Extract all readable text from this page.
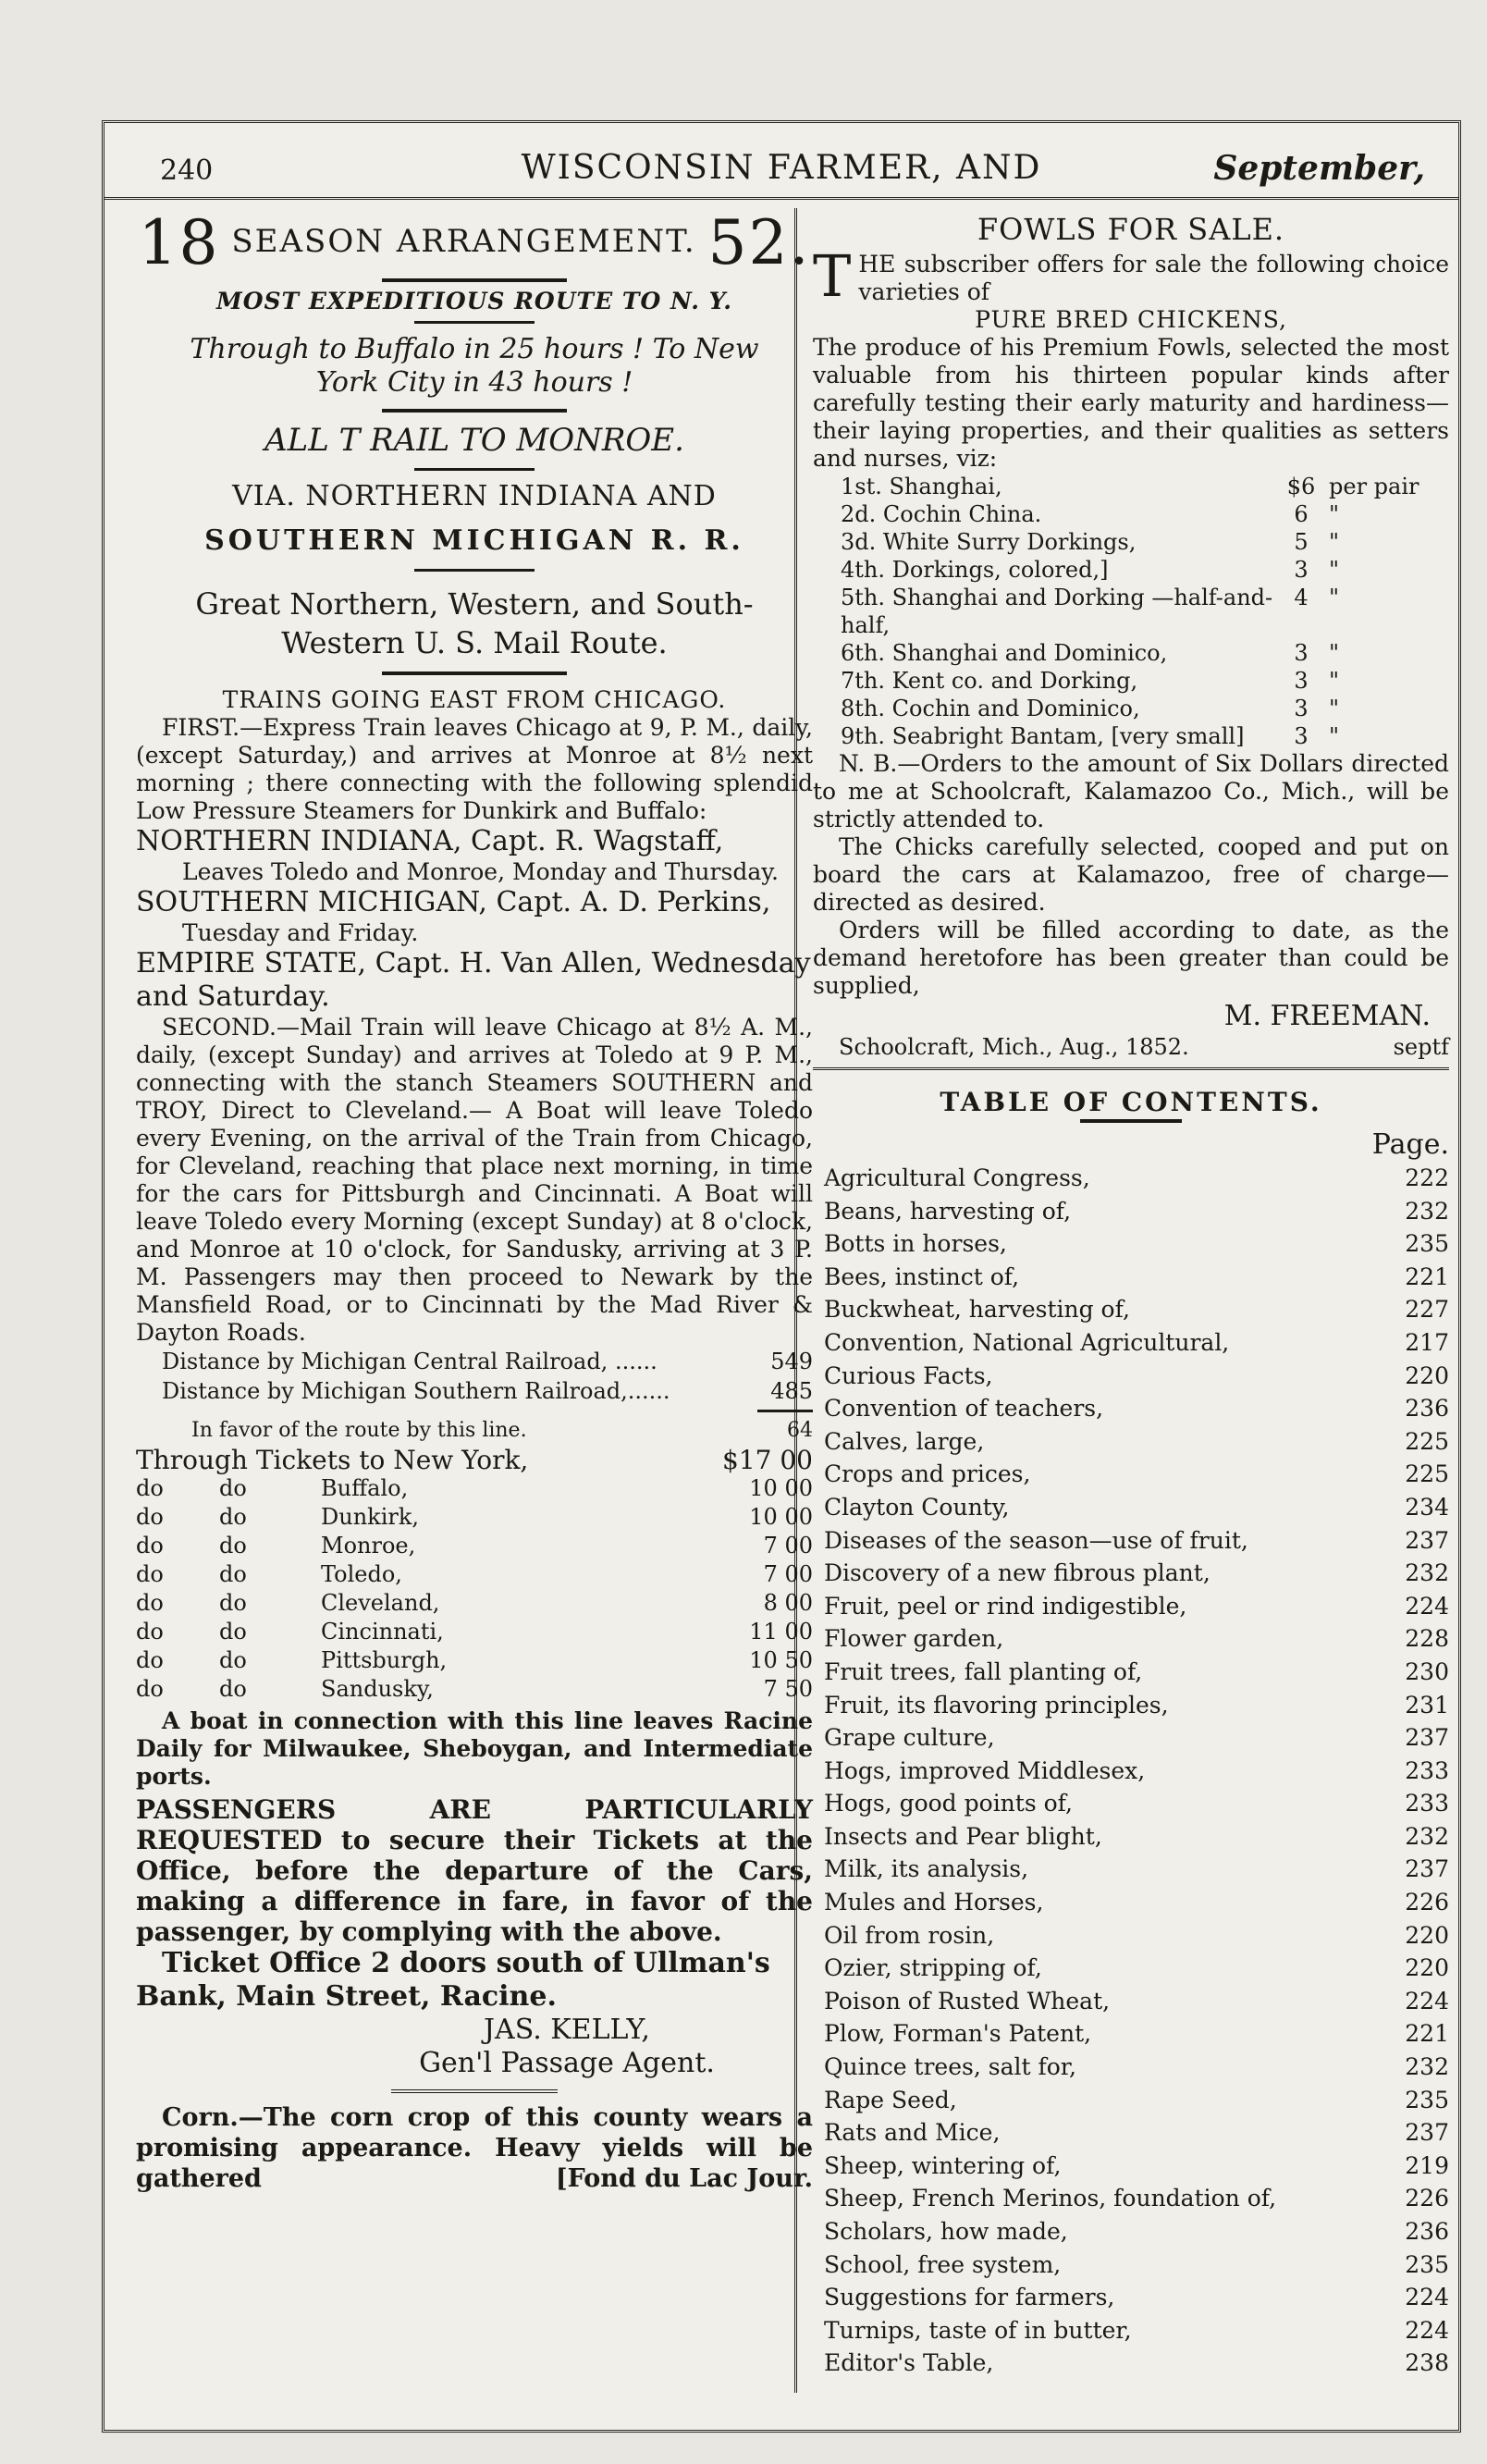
240	WISCONSIN FARMER, AND	September,
18 SEASON ARRANGEMENT. 52.

MOST EXPEDITIOUS ROUTE TO N. Y.

Through to Buffalo in 25 hours ! To New York City in 43 hours !

ALL T RAIL TO MONROE.

VIA. NORTHERN INDIANA AND

SOUTHERN MICHIGAN R. R.

Great Northern, Western, and South-Western U. S. Mail Route.

TRAINS GOING EAST FROM CHICAGO.

FIRST.—Express Train leaves Chicago at 9, P. M., daily, (except Saturday,) and arrives at Monroe at 8½ next morning ; there connecting with the following splendid Low Pressure Steamers for Dunkirk and Buffalo:

NORTHERN INDIANA, Capt. R. Wagstaff,

Leaves Toledo and Monroe, Monday and Thursday.

SOUTHERN MICHIGAN, Capt. A. D. Perkins,

Tuesday and Friday.

EMPIRE STATE, Capt. H. Van Allen, Wednesday and Saturday.

SECOND.—Mail Train will leave Chicago at 8½ A. M., daily, (except Sunday) and arrives at Toledo at 9 P. M., connecting with the stanch Steamers SOUTHERN and TROY, Direct to Cleveland.— A Boat will leave Toledo every Evening, on the arrival of the Train from Chicago, for Cleveland, reaching that place next morning, in time for the cars for Pittsburgh and Cincinnati. A Boat will leave Toledo every Morning (except Sunday) at 8 o'clock, and Monroe at 10 o'clock, for Sandusky, arriving at 3 P. M. Passengers may then proceed to Newark by the Mansfield Road, or to Cincinnati by the Mad River & Dayton Roads.

Distance by Michigan Central Railroad, ......	549
Distance by Michigan Southern Railroad,......	485
In favor of the route by this line.	64
Through Tickets to New York,	$17 00
do	do	Buffalo,	10 00
do	do	Dunkirk,	10 00
do	do	Monroe,	7 00
do	do	Toledo,	7 00
do	do	Cleveland,	8 00
do	do	Cincinnati,	11 00
do	do	Pittsburgh,	10 50
do	do	Sandusky,	7 50

A boat in connection with this line leaves Racine Daily for Milwaukee, Sheboygan, and Intermediate ports.

PASSENGERS ARE PARTICULARLY REQUESTED to secure their Tickets at the Office, before the departure of the Cars, making a difference in fare, in favor of the passenger, by complying with the above.

Ticket Office 2 doors south of Ullman's Bank, Main Street, Racine.

JAS. KELLY,

Gen'l Passage Agent.

Corn.—The corn crop of this county wears a promising appearance. Heavy yields will be gathered	[Fond du Lac Jour.

FOWLS FOR SALE.

THE subscriber offers for sale the following choice varieties of

PURE BRED CHICKENS,

The produce of his Premium Fowls, selected the most valuable from his thirteen popular kinds after carefully testing their early maturity and hardiness—their laying properties, and their qualities as setters and nurses, viz:

1st. Shanghai,	$6 per pair
2d. Cochin China.	6 "
3d. White Surry Dorkings,	5 "
4th. Dorkings, colored,]	3 "
5th. Shanghai and Dorking —half-and-half,
4 "
6th. Shanghai and Dominico,	3 "
7th. Kent co. and Dorking,	3 "
8th. Cochin and Dominico,	3 "
9th. Seabright Bantam, [very small]	3 "

N. B.—Orders to the amount of Six Dollars directed to me at Schoolcraft, Kalamazoo Co., Mich., will be strictly attended to.

The Chicks carefully selected, cooped and put on board the cars at Kalamazoo, free of charge—directed as desired.

Orders will be filled according to date, as the demand heretofore has been greater than could be supplied,

M. FREEMAN.

Schoolcraft, Mich., Aug., 1852.	septf

TABLE OF CONTENTS.

Page.

Agricultural Congress,	222
Beans, harvesting of,	232
Botts in horses,	235
Bees, instinct of,	221
Buckwheat, harvesting of,	227
Convention, National Agricultural,	217
Curious Facts,	220
Convention of teachers,	236
Calves, large,	225
Crops and prices,	225
Clayton County,	234
Diseases of the season—use of fruit,	237
Discovery of a new fibrous plant,	232
Fruit, peel or rind indigestible,	224
Flower garden,	228
Fruit trees, fall planting of,	230
Fruit, its flavoring principles,	231
Grape culture,	237
Hogs, improved Middlesex,	233
Hogs, good points of,	233
Insects and Pear blight,	232
Milk, its analysis,	237
Mules and Horses,	226
Oil from rosin,	220
Ozier, stripping of,	220
Poison of Rusted Wheat,	224
Plow, Forman's Patent,	221
Quince trees, salt for,	232
Rape Seed,	235
Rats and Mice,	237
Sheep, wintering of,	219
Sheep, French Merinos, foundation of,	226
Scholars, how made,	236
School, free system,	235
Suggestions for farmers,	224
Turnips, taste of in butter,	224
Editor's Table,	238
